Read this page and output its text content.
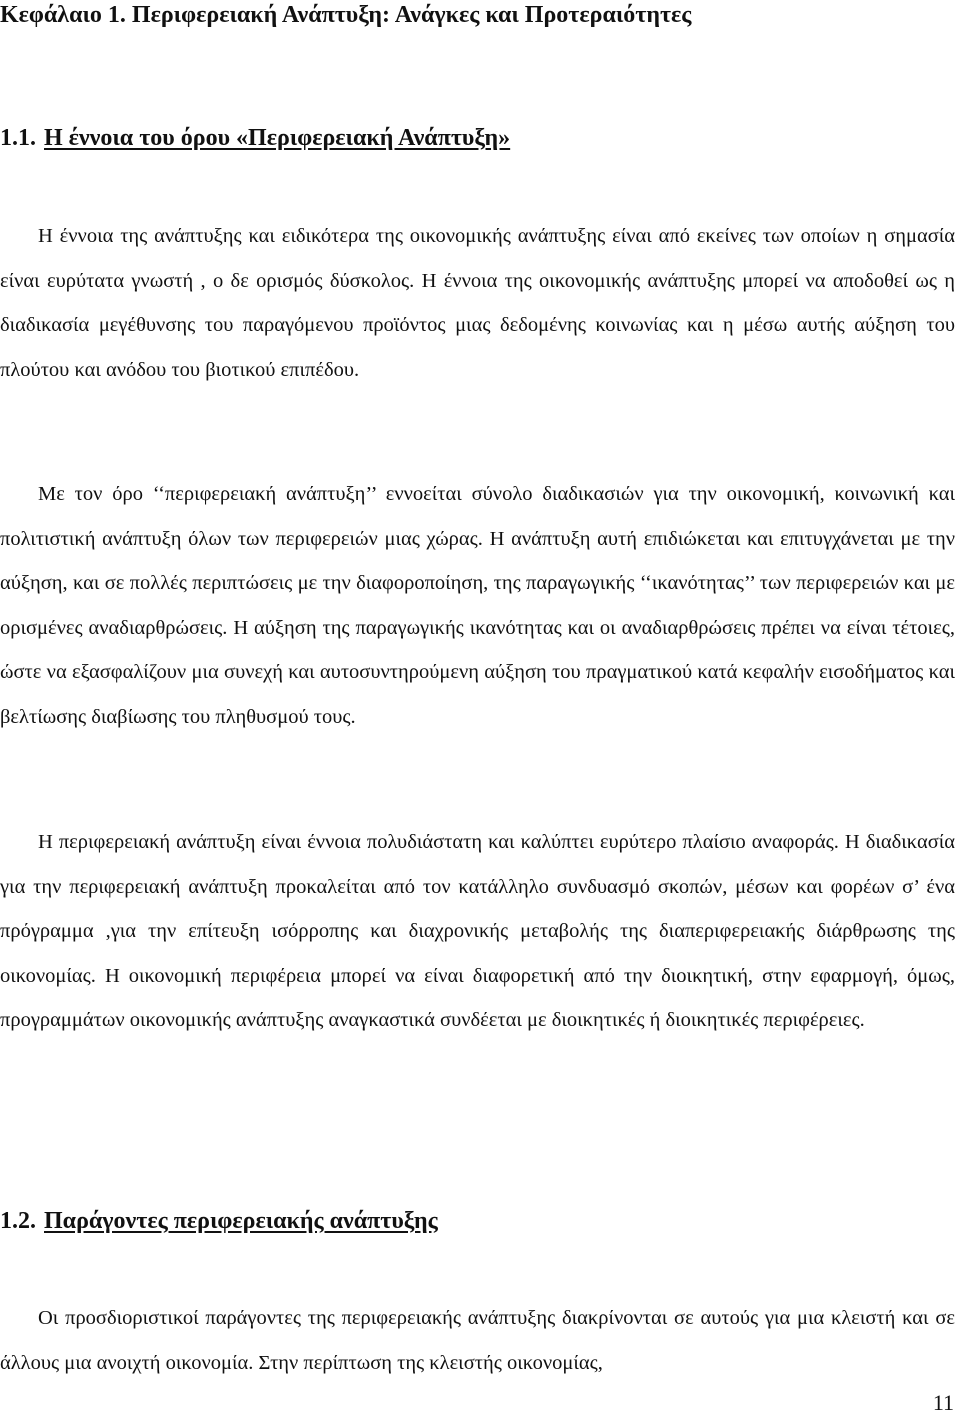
Κεφάλαιο 1. Περιφερειακή Ανάπτυξη: Ανάγκες και Προτεραιότητες
1.1. Η έννοια του όρου «Περιφερειακή Ανάπτυξη»

Η έννοια της ανάπτυξης και ειδικότερα της οικονομικής ανάπτυξης είναι από εκείνες των οποίων η σημασία είναι ευρύτατα γνωστή , ο δε ορισμός δύσκολος. Η έννοια της οικονομικής ανάπτυξης μπορεί να αποδοθεί ως η διαδικασία μεγέθυνσης του παραγόμενου προϊόντος μιας δεδομένης κοινωνίας και η μέσω αυτής αύξηση του πλούτου και ανόδου του βιοτικού επιπέδου.

Με τον όρο ‘‘περιφερειακή ανάπτυξη’’ εννοείται σύνολο διαδικασιών για την οικονομική, κοινωνική και πολιτιστική ανάπτυξη όλων των περιφερειών μιας χώρας. Η ανάπτυξη αυτή επιδιώκεται και επιτυγχάνεται με την αύξηση, και σε πολλές περιπτώσεις με την διαφοροποίηση, της παραγωγικής ‘‘ικανότητας’’ των περιφερειών και με ορισμένες αναδιαρθρώσεις. Η αύξηση της παραγωγικής ικανότητας και οι αναδιαρθρώσεις πρέπει να είναι τέτοιες, ώστε να εξασφαλίζουν μια συνεχή και αυτοσυντηρούμενη αύξηση του πραγματικού κατά κεφαλήν εισοδήματος και βελτίωσης διαβίωσης του πληθυσμού τους.

Η περιφερειακή ανάπτυξη είναι έννοια πολυδιάστατη και καλύπτει ευρύτερο πλαίσιο αναφοράς. Η διαδικασία για την περιφερειακή ανάπτυξη προκαλείται από τον κατάλληλο συνδυασμό σκοπών, μέσων και φορέων σ’ ένα πρόγραμμα ,για την επίτευξη ισόρροπης και διαχρονικής μεταβολής της διαπεριφερειακής διάρθρωσης της οικονομίας. Η οικονομική περιφέρεια μπορεί να είναι διαφορετική από την διοικητική, στην εφαρμογή, όμως, προγραμμάτων οικονομικής ανάπτυξης αναγκαστικά συνδέεται με διοικητικές ή διοικητικές περιφέρειες.

1.2. Παράγοντες περιφερειακής ανάπτυξης

Οι προσδιοριστικοί παράγοντες της περιφερειακής ανάπτυξης διακρίνονται σε αυτούς για μια κλειστή και σε άλλους μια ανοιχτή οικονομία. Στην περίπτωση της κλειστής οικονομίας,

11
